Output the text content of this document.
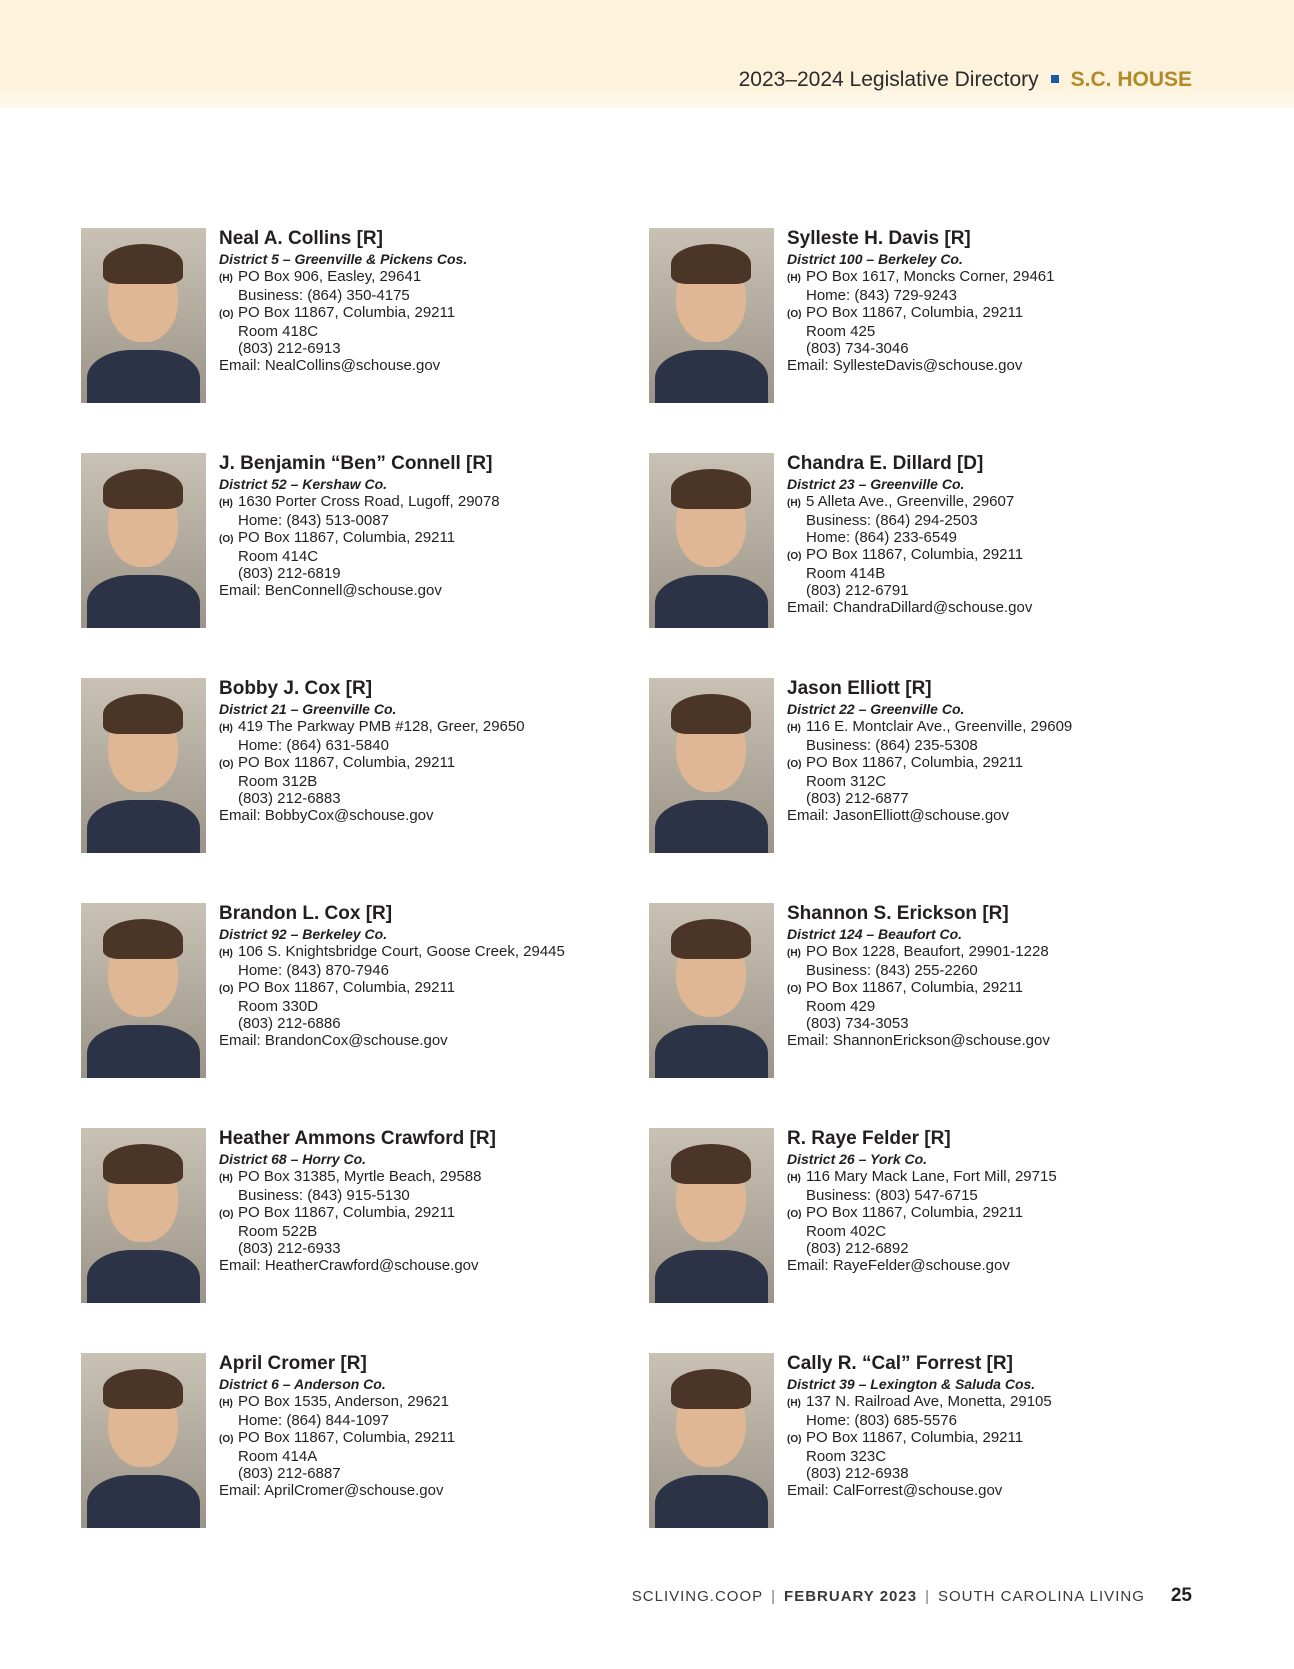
2023–2024 Legislative Directory S.C. HOUSE
Neal A. Collins [R]
District 5 – Greenville & Pickens Cos.
(H) PO Box 906, Easley, 29641
Business: (864) 350-4175
(O) PO Box 11867, Columbia, 29211
Room 418C
(803) 212-6913
Email: NealCollins@schouse.gov
J. Benjamin “Ben” Connell [R]
District 52 – Kershaw Co.
(H) 1630 Porter Cross Road, Lugoff, 29078
Home: (843) 513-0087
(O) PO Box 11867, Columbia, 29211
Room 414C
(803) 212-6819
Email: BenConnell@schouse.gov
Bobby J. Cox [R]
District 21 – Greenville Co.
(H) 419 The Parkway PMB #128, Greer, 29650
Home: (864) 631-5840
(O) PO Box 11867, Columbia, 29211
Room 312B
(803) 212-6883
Email: BobbyCox@schouse.gov
Brandon L. Cox [R]
District 92 – Berkeley Co.
(H) 106 S. Knightsbridge Court, Goose Creek, 29445
Home: (843) 870-7946
(O) PO Box 11867, Columbia, 29211
Room 330D
(803) 212-6886
Email: BrandonCox@schouse.gov
Heather Ammons Crawford [R]
District 68 – Horry Co.
(H) PO Box 31385, Myrtle Beach, 29588
Business: (843) 915-5130
(O) PO Box 11867, Columbia, 29211
Room 522B
(803) 212-6933
Email: HeatherCrawford@schouse.gov
April Cromer [R]
District 6 – Anderson Co.
(H) PO Box 1535, Anderson, 29621
Home: (864) 844-1097
(O) PO Box 11867, Columbia, 29211
Room 414A
(803) 212-6887
Email: AprilCromer@schouse.gov
Sylleste H. Davis [R]
District 100 – Berkeley Co.
(H) PO Box 1617, Moncks Corner, 29461
Home: (843) 729-9243
(O) PO Box 11867, Columbia, 29211
Room 425
(803) 734-3046
Email: SyllesteDavis@schouse.gov
Chandra E. Dillard [D]
District 23 – Greenville Co.
(H) 5 Alleta Ave., Greenville, 29607
Business: (864) 294-2503
Home: (864) 233-6549
(O) PO Box 11867, Columbia, 29211
Room 414B
(803) 212-6791
Email: ChandraDillard@schouse.gov
Jason Elliott [R]
District 22 – Greenville Co.
(H) 116 E. Montclair Ave., Greenville, 29609
Business: (864) 235-5308
(O) PO Box 11867, Columbia, 29211
Room 312C
(803) 212-6877
Email: JasonElliott@schouse.gov
Shannon S. Erickson [R]
District 124 – Beaufort Co.
(H) PO Box 1228, Beaufort, 29901-1228
Business: (843) 255-2260
(O) PO Box 11867, Columbia, 29211
Room 429
(803) 734-3053
Email: ShannonErickson@schouse.gov
R. Raye Felder [R]
District 26 – York Co.
(H) 116 Mary Mack Lane, Fort Mill, 29715
Business: (803) 547-6715
(O) PO Box 11867, Columbia, 29211
Room 402C
(803) 212-6892
Email: RayeFelder@schouse.gov
Cally R. “Cal” Forrest [R]
District 39 – Lexington & Saluda Cos.
(H) 137 N. Railroad Ave, Monetta, 29105
Home: (803) 685-5576
(O) PO Box 11867, Columbia, 29211
Room 323C
(803) 212-6938
Email: CalForrest@schouse.gov
SCLIVING.COOP | FEBRUARY 2023 | SOUTH CAROLINA LIVING 25
